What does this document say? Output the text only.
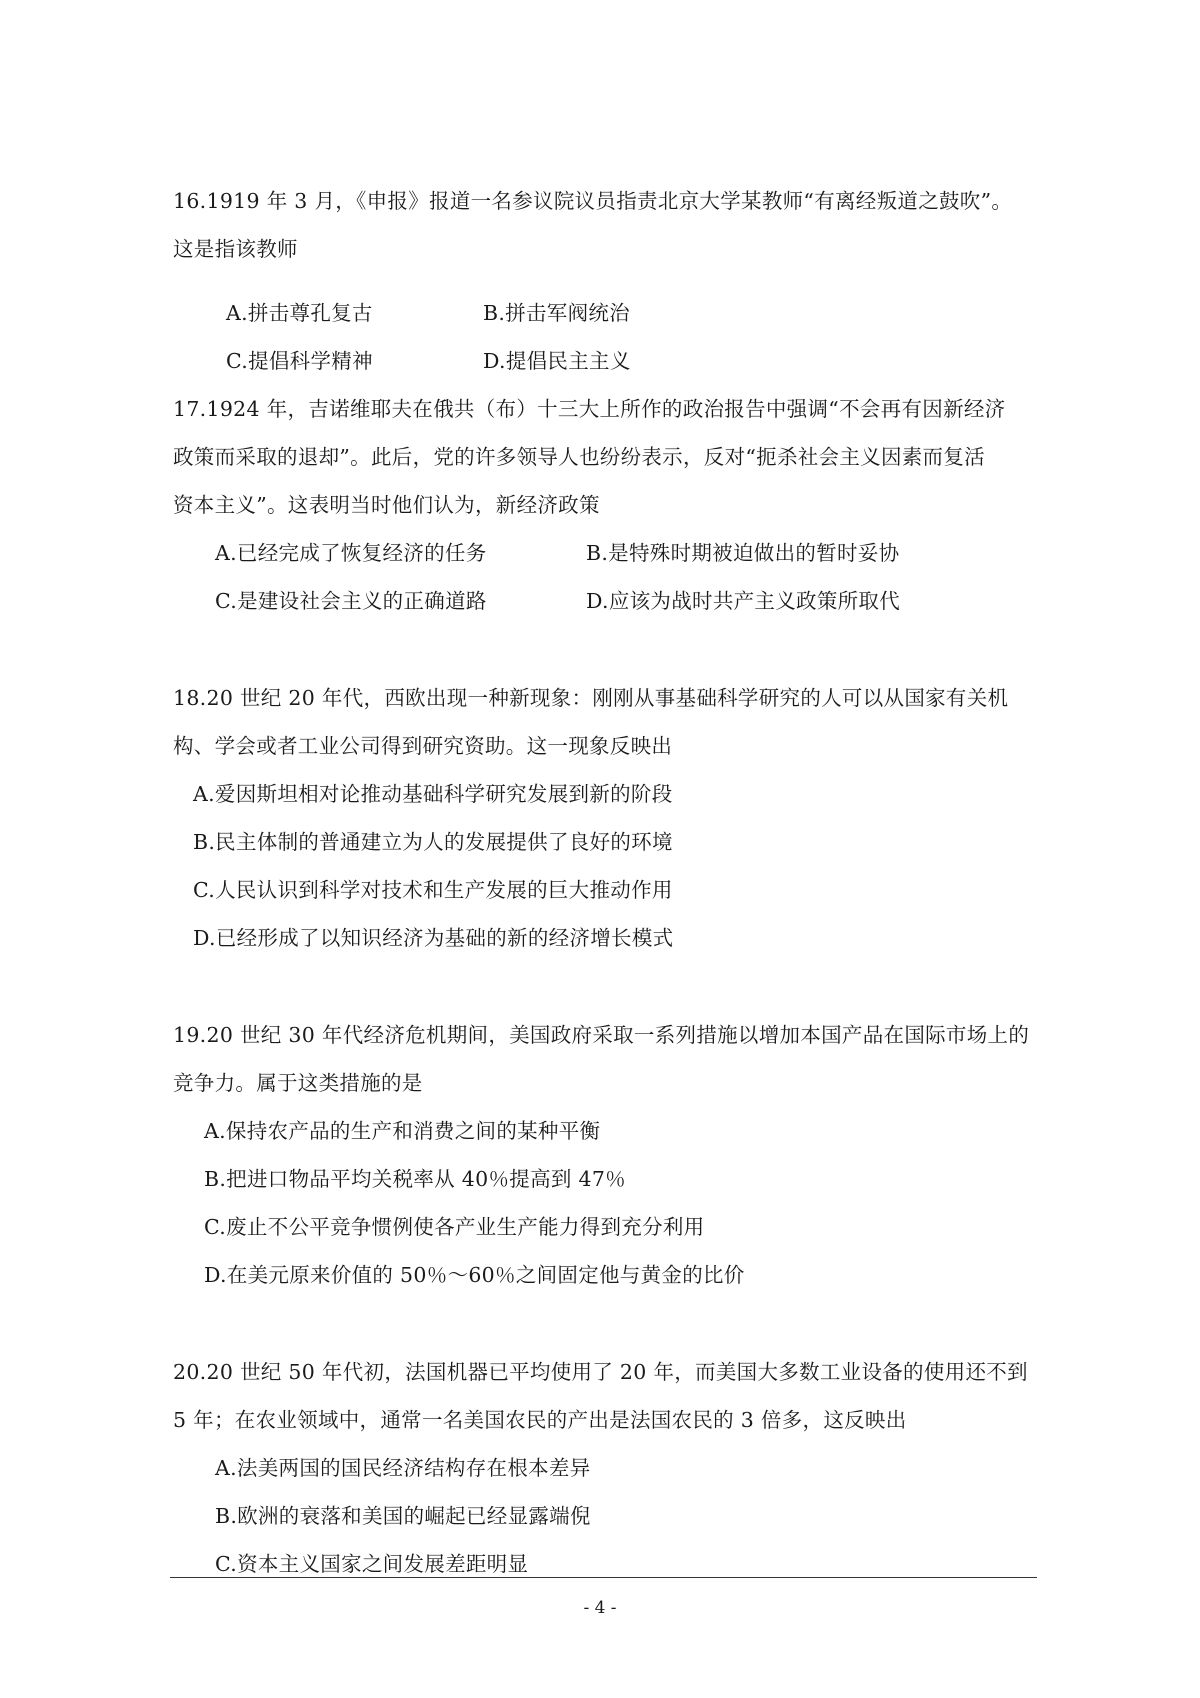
16.1919 年 3 月，《申报》报道一名参议院议员指责北京大学某教师“有离经叛道之鼓吹”。
这是指该教师
A.拼击尊孔复古	B.拼击军阀统治
C.提倡科学精神	D.提倡民主主义
17.1924 年，吉诺维耶夫在俄共（布）十三大上所作的政治报告中强调“不会再有因新经济
政策而采取的退却”。此后，党的许多领导人也纷纷表示，反对“扼杀社会主义因素而复活
资本主义”。这表明当时他们认为，新经济政策
A.已经完成了恢复经济的任务	B.是特殊时期被迫做出的暂时妥协
C.是建设社会主义的正确道路	D.应该为战时共产主义政策所取代
18.20 世纪 20 年代，西欧出现一种新现象：刚刚从事基础科学研究的人可以从国家有关机
构、学会或者工业公司得到研究资助。这一现象反映出
A.爱因斯坦相对论推动基础科学研究发展到新的阶段
B.民主体制的普通建立为人的发展提供了良好的环境
C.人民认识到科学对技术和生产发展的巨大推动作用
D.已经形成了以知识经济为基础的新的经济增长模式
19.20 世纪 30 年代经济危机期间，美国政府采取一系列措施以增加本国产品在国际市场上的
竞争力。属于这类措施的是
A.保持农产品的生产和消费之间的某种平衡
B.把进口物品平均关税率从 40％提高到 47％
C.废止不公平竞争惯例使各产业生产能力得到充分利用
D.在美元原来价值的 50％～60％之间固定他与黄金的比价
20.20 世纪 50 年代初，法国机器已平均使用了 20 年，而美国大多数工业设备的使用还不到
5 年；在农业领域中，通常一名美国农民的产出是法国农民的 3 倍多，这反映出
A.法美两国的国民经济结构存在根本差异
B.欧洲的衰落和美国的崛起已经显露端倪
C.资本主义国家之间发展差距明显
- 4 -
